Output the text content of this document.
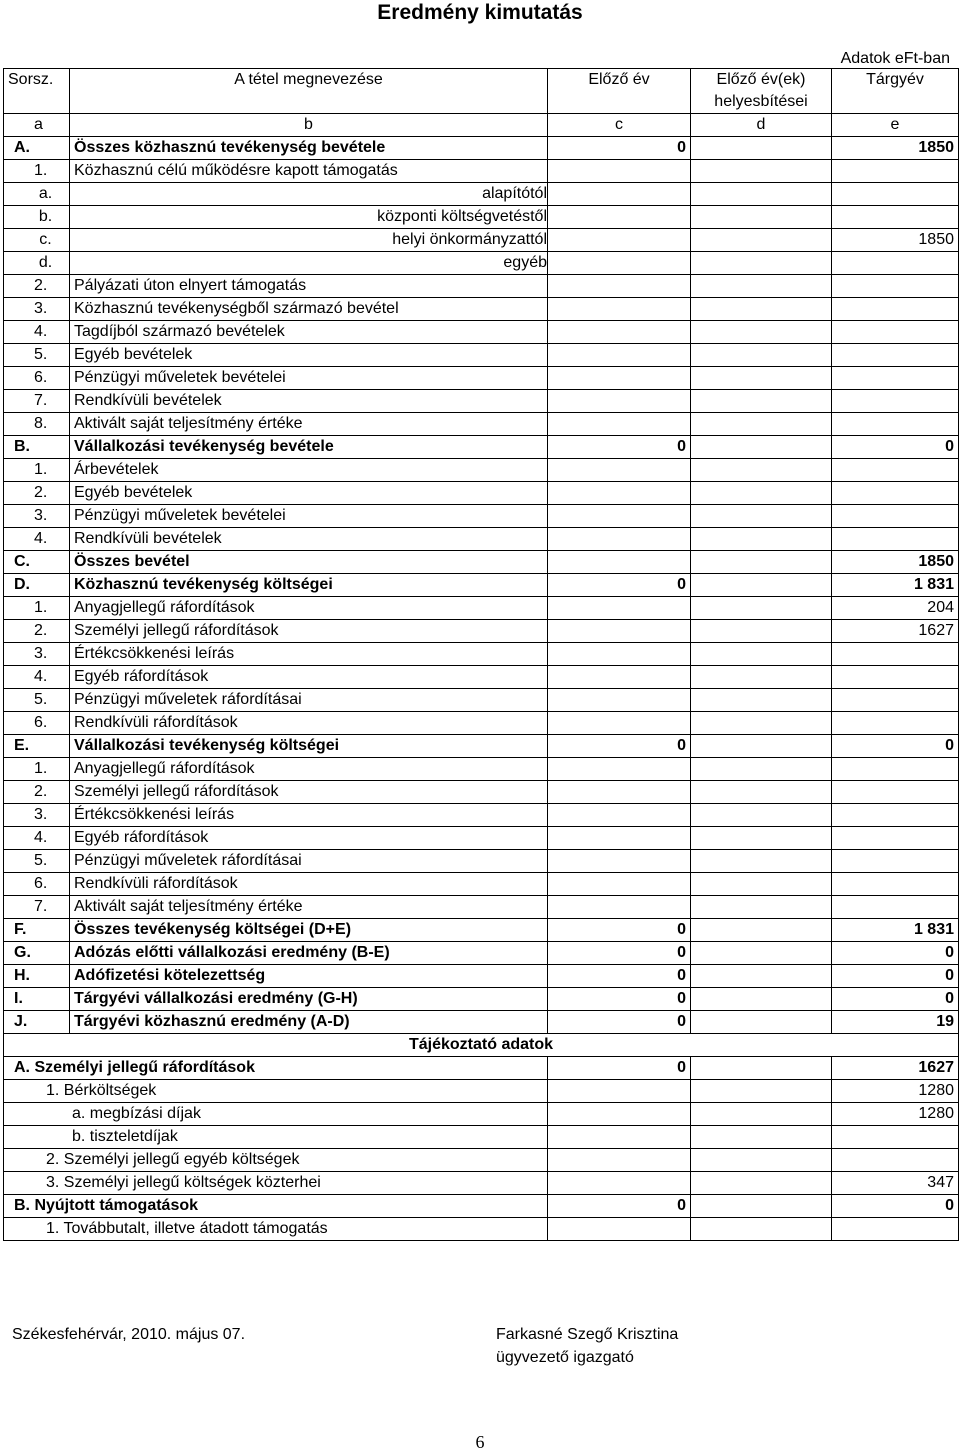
Eredmény kimutatás
Adatok eFt-ban
Sorsz.	A tétel megnevezése	Előző év	Előző év(ek) helyesbítései	Tárgyév
a	b	c	d	e
A.	Összes közhasznú tevékenység bevétele	0		1850
1.	Közhasznú célú működésre kapott támogatás			
a.	alapítótól			
b.	központi költségvetéstől			
c.	helyi önkormányzattól			1850
d.	egyéb			
2.	Pályázati úton elnyert támogatás			
3.	Közhasznú tevékenységből származó bevétel			
4.	Tagdíjból származó bevételek			
5.	Egyéb bevételek			
6.	Pénzügyi műveletek bevételei			
7.	Rendkívüli bevételek			
8.	Aktivált saját teljesítmény értéke			
B.	Vállalkozási tevékenység bevétele	0		0
1.	Árbevételek			
2.	Egyéb bevételek			
3.	Pénzügyi műveletek bevételei			
4.	Rendkívüli bevételek			
C.	Összes bevétel			1850
D.	Közhasznú tevékenység költségei	0		1 831
1.	Anyagjellegű ráfordítások			204
2.	Személyi jellegű ráfordítások			1627
3.	Értékcsökkenési leírás			
4.	Egyéb ráfordítások			
5.	Pénzügyi műveletek ráfordításai			
6.	Rendkívüli ráfordítások			
E.	Vállalkozási tevékenység költségei	0		0
1.	Anyagjellegű ráfordítások			
2.	Személyi jellegű ráfordítások			
3.	Értékcsökkenési leírás			
4.	Egyéb ráfordítások			
5.	Pénzügyi műveletek ráfordításai			
6.	Rendkívüli ráfordítások			
7.	Aktivált saját teljesítmény értéke			
F.	Összes tevékenység költségei (D+E)	0		1 831
G.	Adózás előtti vállalkozási eredmény (B-E)	0		0
H.	Adófizetési kötelezettség	0		0
I.	Tárgyévi vállalkozási eredmény (G-H)	0		0
J.	Tárgyévi közhasznú eredmény (A-D)	0		19
Tájékoztató adatok				
A. Személyi jellegű ráfordítások		0		1627
1. Bérköltségek				1280
a. megbízási díjak				1280
b. tiszteletdíjak				
2. Személyi jellegű egyéb költségek				
3. Személyi jellegű költségek közterhei				347
B. Nyújtott támogatások		0		0
1. Továbbutalt, illetve átadott támogatás				
Székesfehérvár, 2010. május 07.	Farkasné Szegő Krisztina
ügyvezető igazgató
6
